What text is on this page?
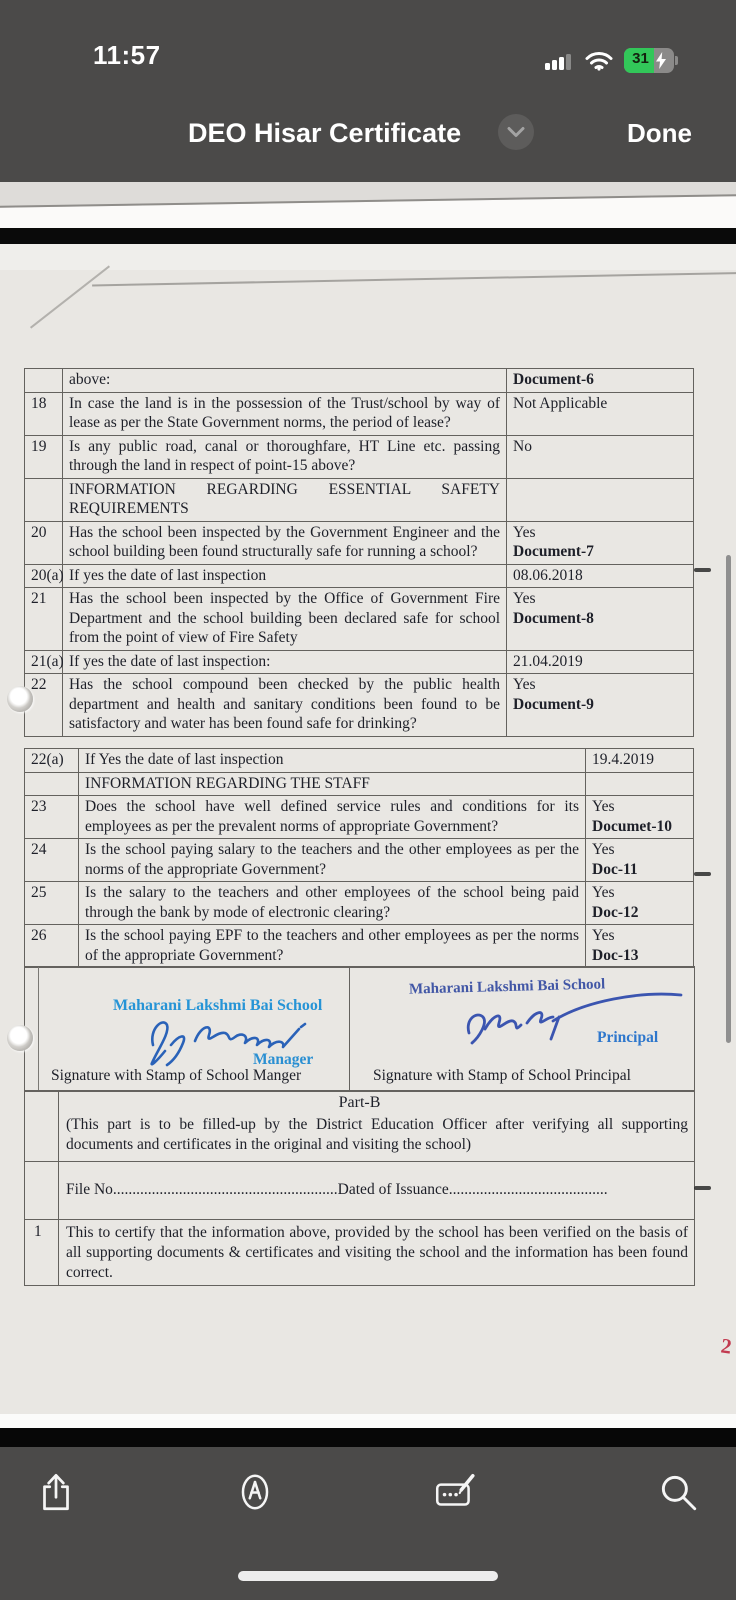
11:57	31
DEO Hisar Certificate	Done
	above:	Document-6

18	In case the land is in the possession of the Trust/school by way of lease as per the State Government norms, the period of lease?	Not Applicable

19	Is any public road, canal or thoroughfare, HT Line etc. passing through the land in respect of point-15 above?	No

	INFORMATION REGARDING ESSENTIAL SAFETY REQUIREMENTS	
20	Has the school been inspected by the Government Engineer and the school building been found structurally safe for running a school?	Yes
Document-7

20(a)	If yes the date of last inspection	08.06.2018

21	Has the school been inspected by the Office of Government Fire Department and the school building been declared safe for school from the point of view of Fire Safety	Yes
Document-8

21(a)	If yes the date of last inspection:	21.04.2019

22	Has the school compound been checked by the public health department and health and sanitary conditions been found to be satisfactory and water has been found safe for drinking?	Yes
Document-9
22(a)	If Yes the date of last inspection	19.4.2019

	INFORMATION REGARDING THE STAFF	
23	Does the school have well defined service rules and conditions for its employees as per the prevalent norms of appropriate Government?	Yes
Documet-10

24	Is the school paying salary to the teachers and the other employees as per the norms of the appropriate Government?	Yes
Doc-11

25	Is the salary to the teachers and other employees of the school being paid through the bank by mode of electronic clearing?	Yes
Doc-12

26	Is the school paying EPF to the teachers and other employees as per the norms of the appropriate Government?	Yes
Doc-13
Maharani Lakshmi Bai School
Manager
Signature with Stamp of School Manger
Maharani Lakshmi Bai School
Principal
Signature with Stamp of School Principal
Part-B
(This part is to be filled-up by the District Education Officer after verifying all supporting documents and certificates in the original and visiting the school)
File No..........................................................Dated of Issuance.........................................
1 This to certify that the information above, provided by the school has been verified on the basis of all supporting documents & certificates and visiting the school and the information has been found correct.
2
